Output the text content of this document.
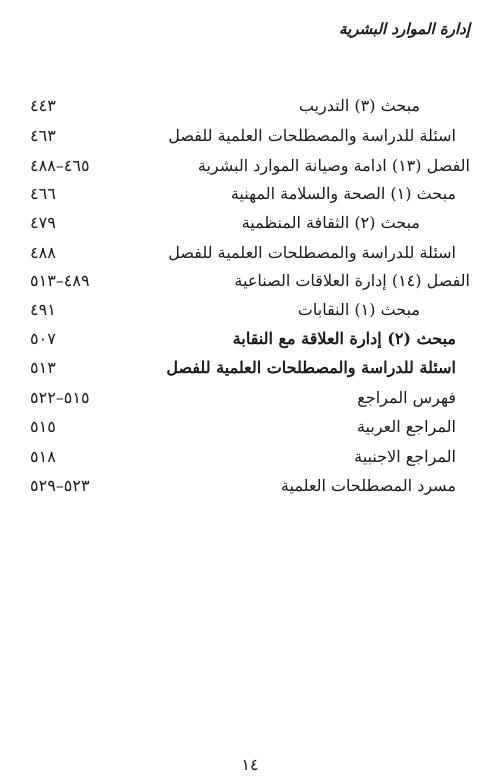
إدارة الموارد البشرية
مبحث (٣) التدريب
٤٤٣
اسئلة للدراسة والمصطلحات العلمية للفصل
٤٦٣
الفصل (١٣) ادامة وصيانة الموارد البشرية
٤٦٥–٤٨٨
مبحث (١) الصحة والسلامة المهنية
٤٦٦
مبحث (٢) الثقافة المنظمية
٤٧٩
اسئلة للدراسة والمصطلحات العلمية للفصل
٤٨٨
الفصل (١٤) إدارة العلاقات الصناعية
٤٨٩–٥١٣
مبحث (١) النقابات
٤٩١
مبحث (٢) إدارة العلاقة مع النقابة
٥٠٧
اسئلة للدراسة والمصطلحات العلمية للفصل
٥١٣
فهرس المراجع
٥١٥–٥٢٢
المراجع العربية
٥١٥
المراجع الاجنبية
٥١٨
مسرد المصطلحات العلمية
٥٢٣–٥٢٩
١٤
